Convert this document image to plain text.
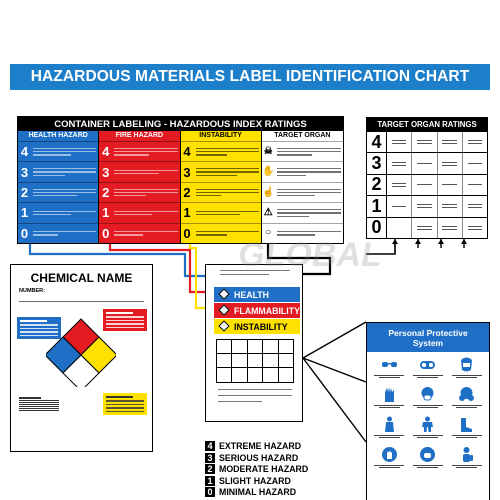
HAZARDOUS MATERIALS LABEL IDENTIFICATION CHART
CONTAINER LABELING - HAZARDOUS INDEX RATINGS
HEALTH HAZARD
4
3
2
1
0
FIRE HAZARD
4
3
2
1
0
INSTABILITY
4
3
2
1
0
TARGET ORGAN
☠
✋
☝
⚠
○
TARGET ORGAN RATINGS
4
3
2
1
0
CHEMICAL NAME
NUMBER:	HEALTH
FLAMMABILITY
INSTABILITY
4 EXTREME HAZARD
3 SERIOUS HAZARD
2 MODERATE HAZARD
1 SLIGHT HAZARD
0 MINIMAL HAZARD
Personal Protective
System
GLOBAL
